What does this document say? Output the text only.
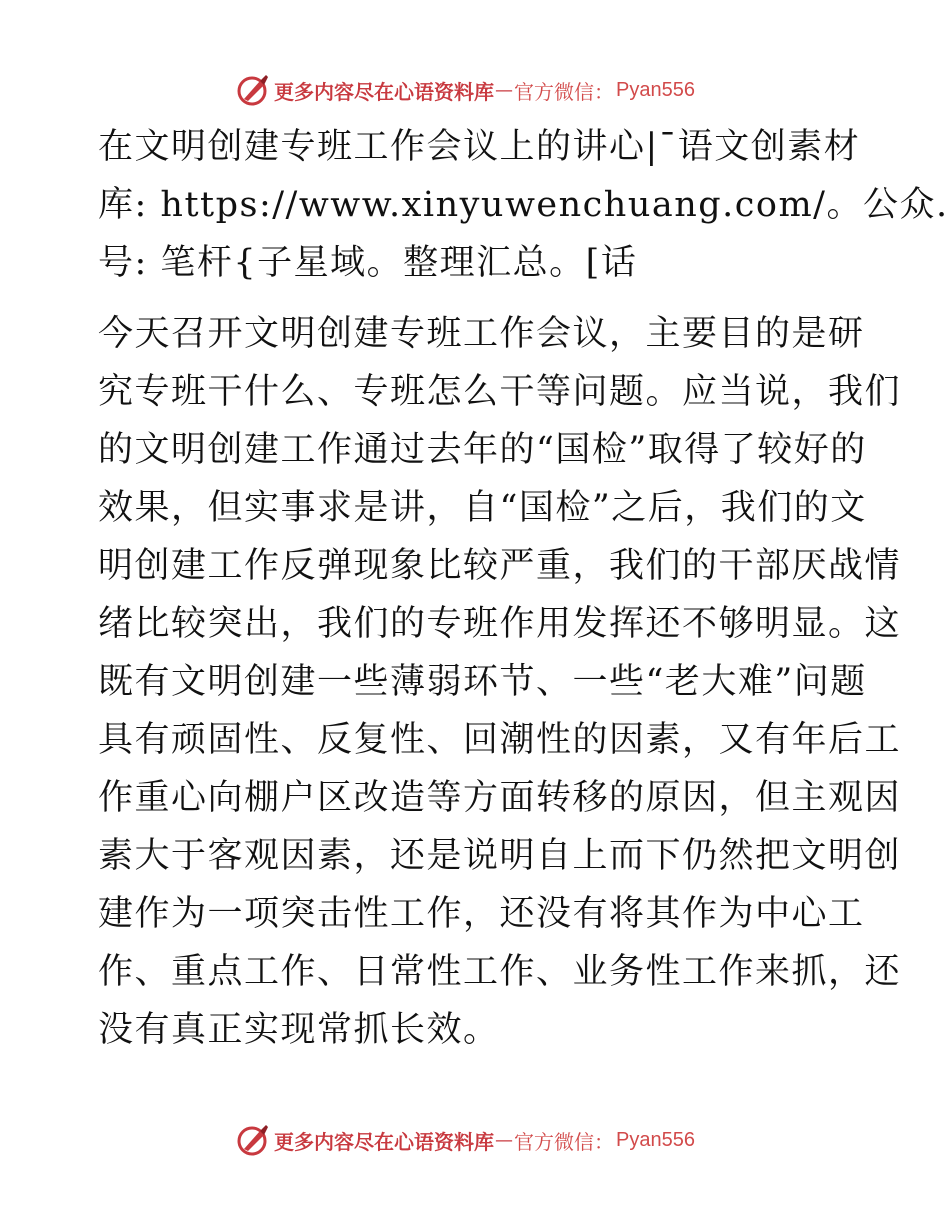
更多内容尽在心语资料库 — 官方微信： Pyan556
在文明创建专班工作会议上的讲心|¯语文创素材
库: https://www.xinyuwenchuang.com/。公众.
号: 笔杆{子星域。整理汇总。[话
今天召开文明创建专班工作会议，主要目的是研
究专班干什么、专班怎么干等问题。应当说，我们
的文明创建工作通过去年的“国检”取得了较好的
效果，但实事求是讲，自“国检”之后，我们的文
明创建工作反弹现象比较严重，我们的干部厌战情
绪比较突出，我们的专班作用发挥还不够明显。这
既有文明创建一些薄弱环节、一些“老大难”问题
具有顽固性、反复性、回潮性的因素，又有年后工
作重心向棚户区改造等方面转移的原因，但主观因
素大于客观因素，还是说明自上而下仍然把文明创
建作为一项突击性工作，还没有将其作为中心工
作、重点工作、日常性工作、业务性工作来抓，还
没有真正实现常抓长效。
更多内容尽在心语资料库 — 官方微信： Pyan556
